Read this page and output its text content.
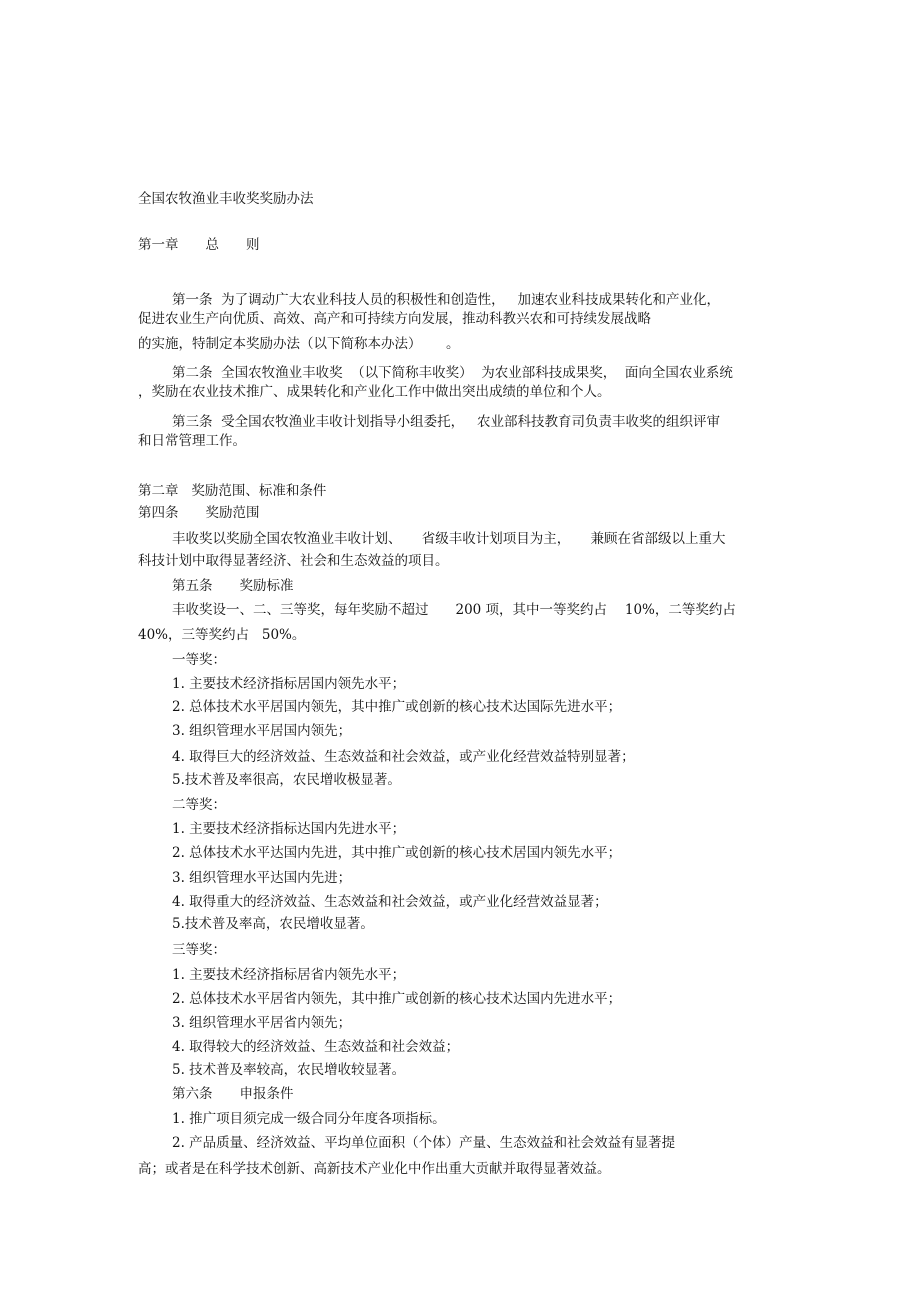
全国农牧渔业丰收奖奖励办法
第一章　　总　　则
第一条  为了调动广大农业科技人员的积极性和创造性，   加速农业科技成果转化和产业化，
促进农业生产向优质、高效、高产和可持续方向发展，推动科教兴农和可持续发展战略
的实施，特制定本奖励办法（以下简称本办法）　　 。
第二条  全国农牧渔业丰收奖  （以下简称丰收奖）  为农业部科技成果奖，  面向全国农业系统
，奖励在农业技术推广、成果转化和产业化工作中做出突出成绩的单位和个人。
第三条  受全国农牧渔业丰收计划指导小组委托，   农业部科技教育司负责丰收奖的组织评审
和日常管理工作。
第二章   奖励范围、标准和条件
第四条　　奖励范围
丰收奖以奖励全国农牧渔业丰收计划、　　省级丰收计划项目为主，　　兼顾在省部级以上重大
科技计划中取得显著经济、社会和生态效益的项目。
第五条　　奖励标准
丰收奖设一、二、三等奖，每年奖励不超过　　200 项，其中一等奖约占　 10%，二等奖约占
40%，三等奖约占   50%。
一等奖：
1. 主要技术经济指标居国内领先水平；
2. 总体技术水平居国内领先，其中推广或创新的核心技术达国际先进水平；
3. 组织管理水平居国内领先；
4. 取得巨大的经济效益、生态效益和社会效益，或产业化经营效益特别显著；
5.技术普及率很高，农民增收极显著。
二等奖：
1. 主要技术经济指标达国内先进水平；
2. 总体技术水平达国内先进，其中推广或创新的核心技术居国内领先水平；
3. 组织管理水平达国内先进；
4. 取得重大的经济效益、生态效益和社会效益，或产业化经营效益显著；
5.技术普及率高，农民增收显著。
三等奖：
1. 主要技术经济指标居省内领先水平；
2. 总体技术水平居省内领先，其中推广或创新的核心技术达国内先进水平；
3. 组织管理水平居省内领先；
4. 取得较大的经济效益、生态效益和社会效益；
5. 技术普及率较高，农民增收较显著。
第六条　　申报条件
1. 推广项目须完成一级合同分年度各项指标。
2. 产品质量、经济效益、平均单位面积（个体）产量、生态效益和社会效益有显著提
高；或者是在科学技术创新、高新技术产业化中作出重大贡献并取得显著效益。
